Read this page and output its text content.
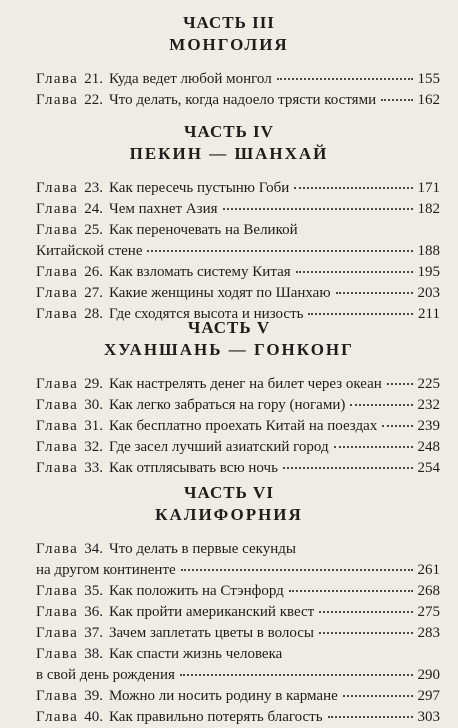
ЧАСТЬ III
МОНГОЛИЯ
Глава 21. Куда ведет любой монгол	155
Глава 22. Что делать, когда надоело трясти костями	162
ЧАСТЬ IV
ПЕКИН — ШАНХАЙ
Глава 23. Как пересечь пустыню Гоби	171
Глава 24. Чем пахнет Азия	182
Глава 25. Как переночевать на Великой
Китайской стене	188
Глава 26. Как взломать систему Китая	195
Глава 27. Какие женщины ходят по Шанхаю	203
Глава 28. Где сходятся высота и низость	211
ЧАСТЬ V
ХУАНШАНЬ — ГОНКОНГ
Глава 29. Как настрелять денег на билет через океан 225
Глава 30. Как легко забраться на гору (ногами)	232
Глава 31. Как бесплатно проехать Китай на поездах	239
Глава 32. Где засел лучший азиатский город	248
Глава 33. Как отплясывать всю ночь	254
ЧАСТЬ VI
КАЛИФОРНИЯ
Глава 34. Что делать в первые секунды
на другом континенте	261
Глава 35. Как положить на Стэнфорд	268
Глава 36. Как пройти американский квест	275
Глава 37. Зачем заплетать цветы в волосы	283
Глава 38. Как спасти жизнь человека
в свой день рождения	290
Глава 39. Можно ли носить родину в кармане	297
Глава 40. Как правильно потерять благость	303
